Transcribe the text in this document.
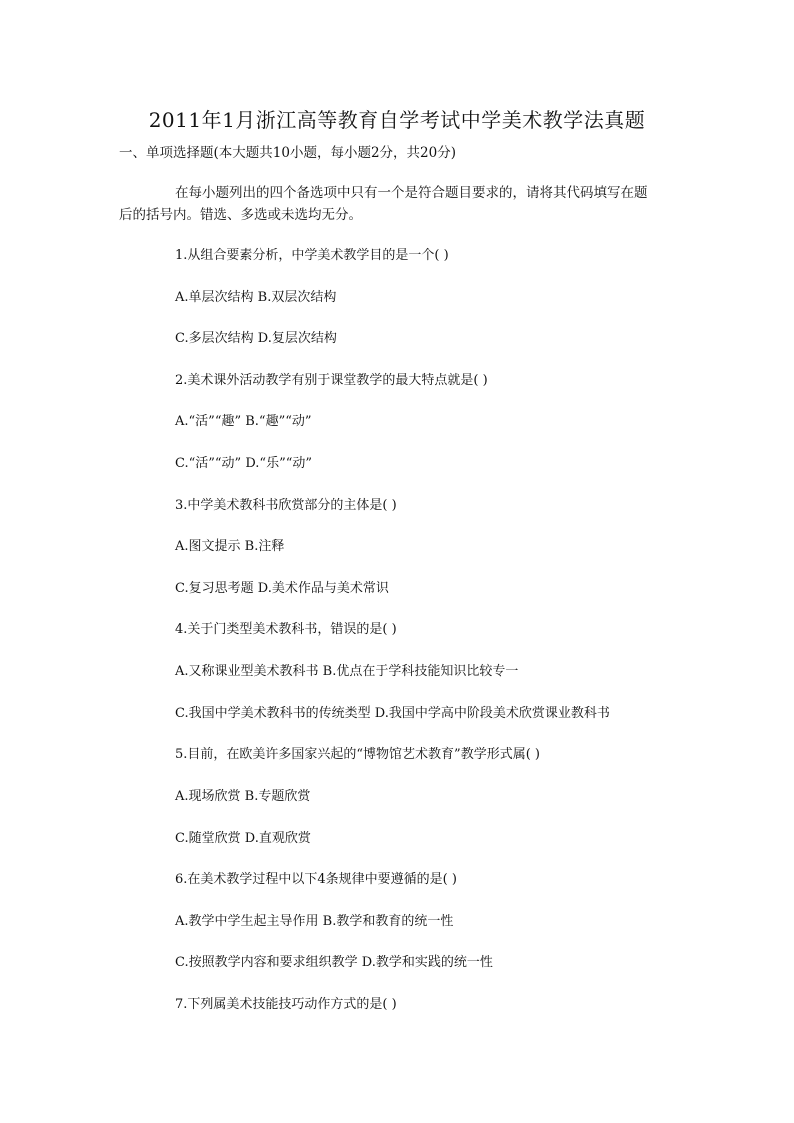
2011年1月浙江高等教育自学考试中学美术教学法真题
一、单项选择题(本大题共10小题，每小题2分，共20分)
在每小题列出的四个备选项中只有一个是符合题目要求的，请将其代码填写在题
后的括号内。错选、多选或未选均无分。
1.从组合要素分析，中学美术教学目的是一个( )
A.单层次结构 B.双层次结构
C.多层次结构 D.复层次结构
2.美术课外活动教学有别于课堂教学的最大特点就是( )
A.“活”“趣” B.“趣”“动”
C.“活”“动” D.“乐”“动”
3.中学美术教科书欣赏部分的主体是( )
A.图文提示 B.注释
C.复习思考题 D.美术作品与美术常识
4.关于门类型美术教科书，错误的是( )
A.又称课业型美术教科书 B.优点在于学科技能知识比较专一
C.我国中学美术教科书的传统类型 D.我国中学高中阶段美术欣赏课业教科书
5.目前，在欧美许多国家兴起的“博物馆艺术教育”教学形式属( )
A.现场欣赏 B.专题欣赏
C.随堂欣赏 D.直观欣赏
6.在美术教学过程中以下4条规律中要遵循的是( )
A.教学中学生起主导作用 B.教学和教育的统一性
C.按照教学内容和要求组织教学 D.教学和实践的统一性
7.下列属美术技能技巧动作方式的是( )
